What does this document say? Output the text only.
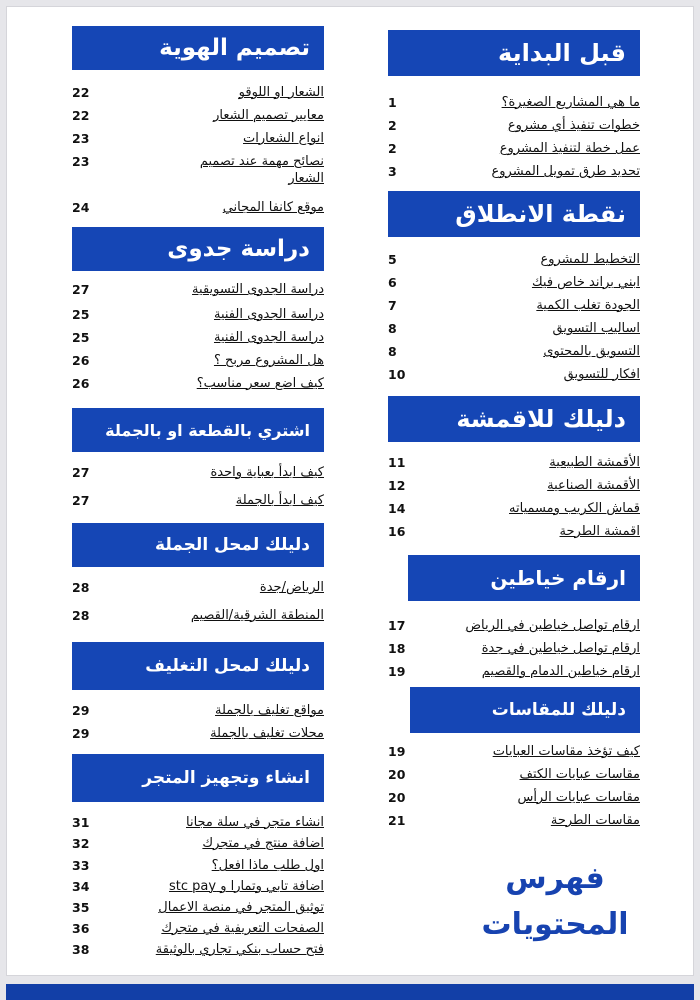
قبل البداية
1	ما هي المشاريع الصغيرة؟
2	خطوات تنفيذ أي مشروع
2	عمل خطة لتنفيذ المشروع
3	تحديد طرق تمويل المشروع
نقطة الانطلاق
5	التخطيط للمشروع
6	ابني براند خاص فيك
7	الجودة تغلب الكمية
8	اساليب التسويق
8	التسويق بالمحتوى
10	افكار للتسويق
دليلك للاقمشة
11	الأقمشة الطبيعية
12	الأقمشة الصناعية
14	قماش الكريب ومسمياته
16	اقمشة الطرحة
ارقام خياطين
17	ارقام تواصل خياطين في الرياض
18	ارقام تواصل خياطين في جدة
19	ارقام خياطين الدمام والقصيم
دليلك للمقاسات
19	كيف تؤخذ مقاسات العبايات
20	مقاسات عبايات الكتف
20	مقاسات عبايات الرأس
21	مقاسات الطرحة
فهرس
المحتويات
تصميم الهوية
22	الشعار او اللوقو
22	معايير تصميم الشعار
23	انواع الشعارات
23	نصائح مهمة عند تصميم الشعار
24	موقع كانفا المجاني
دراسة جدوى
27	دراسة الجدوى التسويقية
25	دراسة الجدوى الفنية
25	دراسة الجدوى الفنية
26	هل المشروع مربح ؟
26	كيف اضع سعر مناسب؟
اشتري بالقطعة او بالجملة
27	كيف ابدأ بعباية واحدة
27	كيف ابدأ بالجملة
دليلك لمحل الجملة
28	الرياض/جدة
28	المنطقة الشرقية/القصيم
دليلك لمحل التغليف
29	مواقع تغليف بالجملة
29	محلات تغليف بالجملة
انشاء وتجهيز المتجر
31	انشاء متجر في سلة مجانا
32	اضافة منتج في متجرك
33	اول طلب ماذا افعل؟
34	اضافة تابي وتمارا و stc pay
35	توثيق المتجر في منصة الاعمال
36	الصفحات التعريفية في متجرك
38	فتح حساب بنكي تجاري بالوثيقة
